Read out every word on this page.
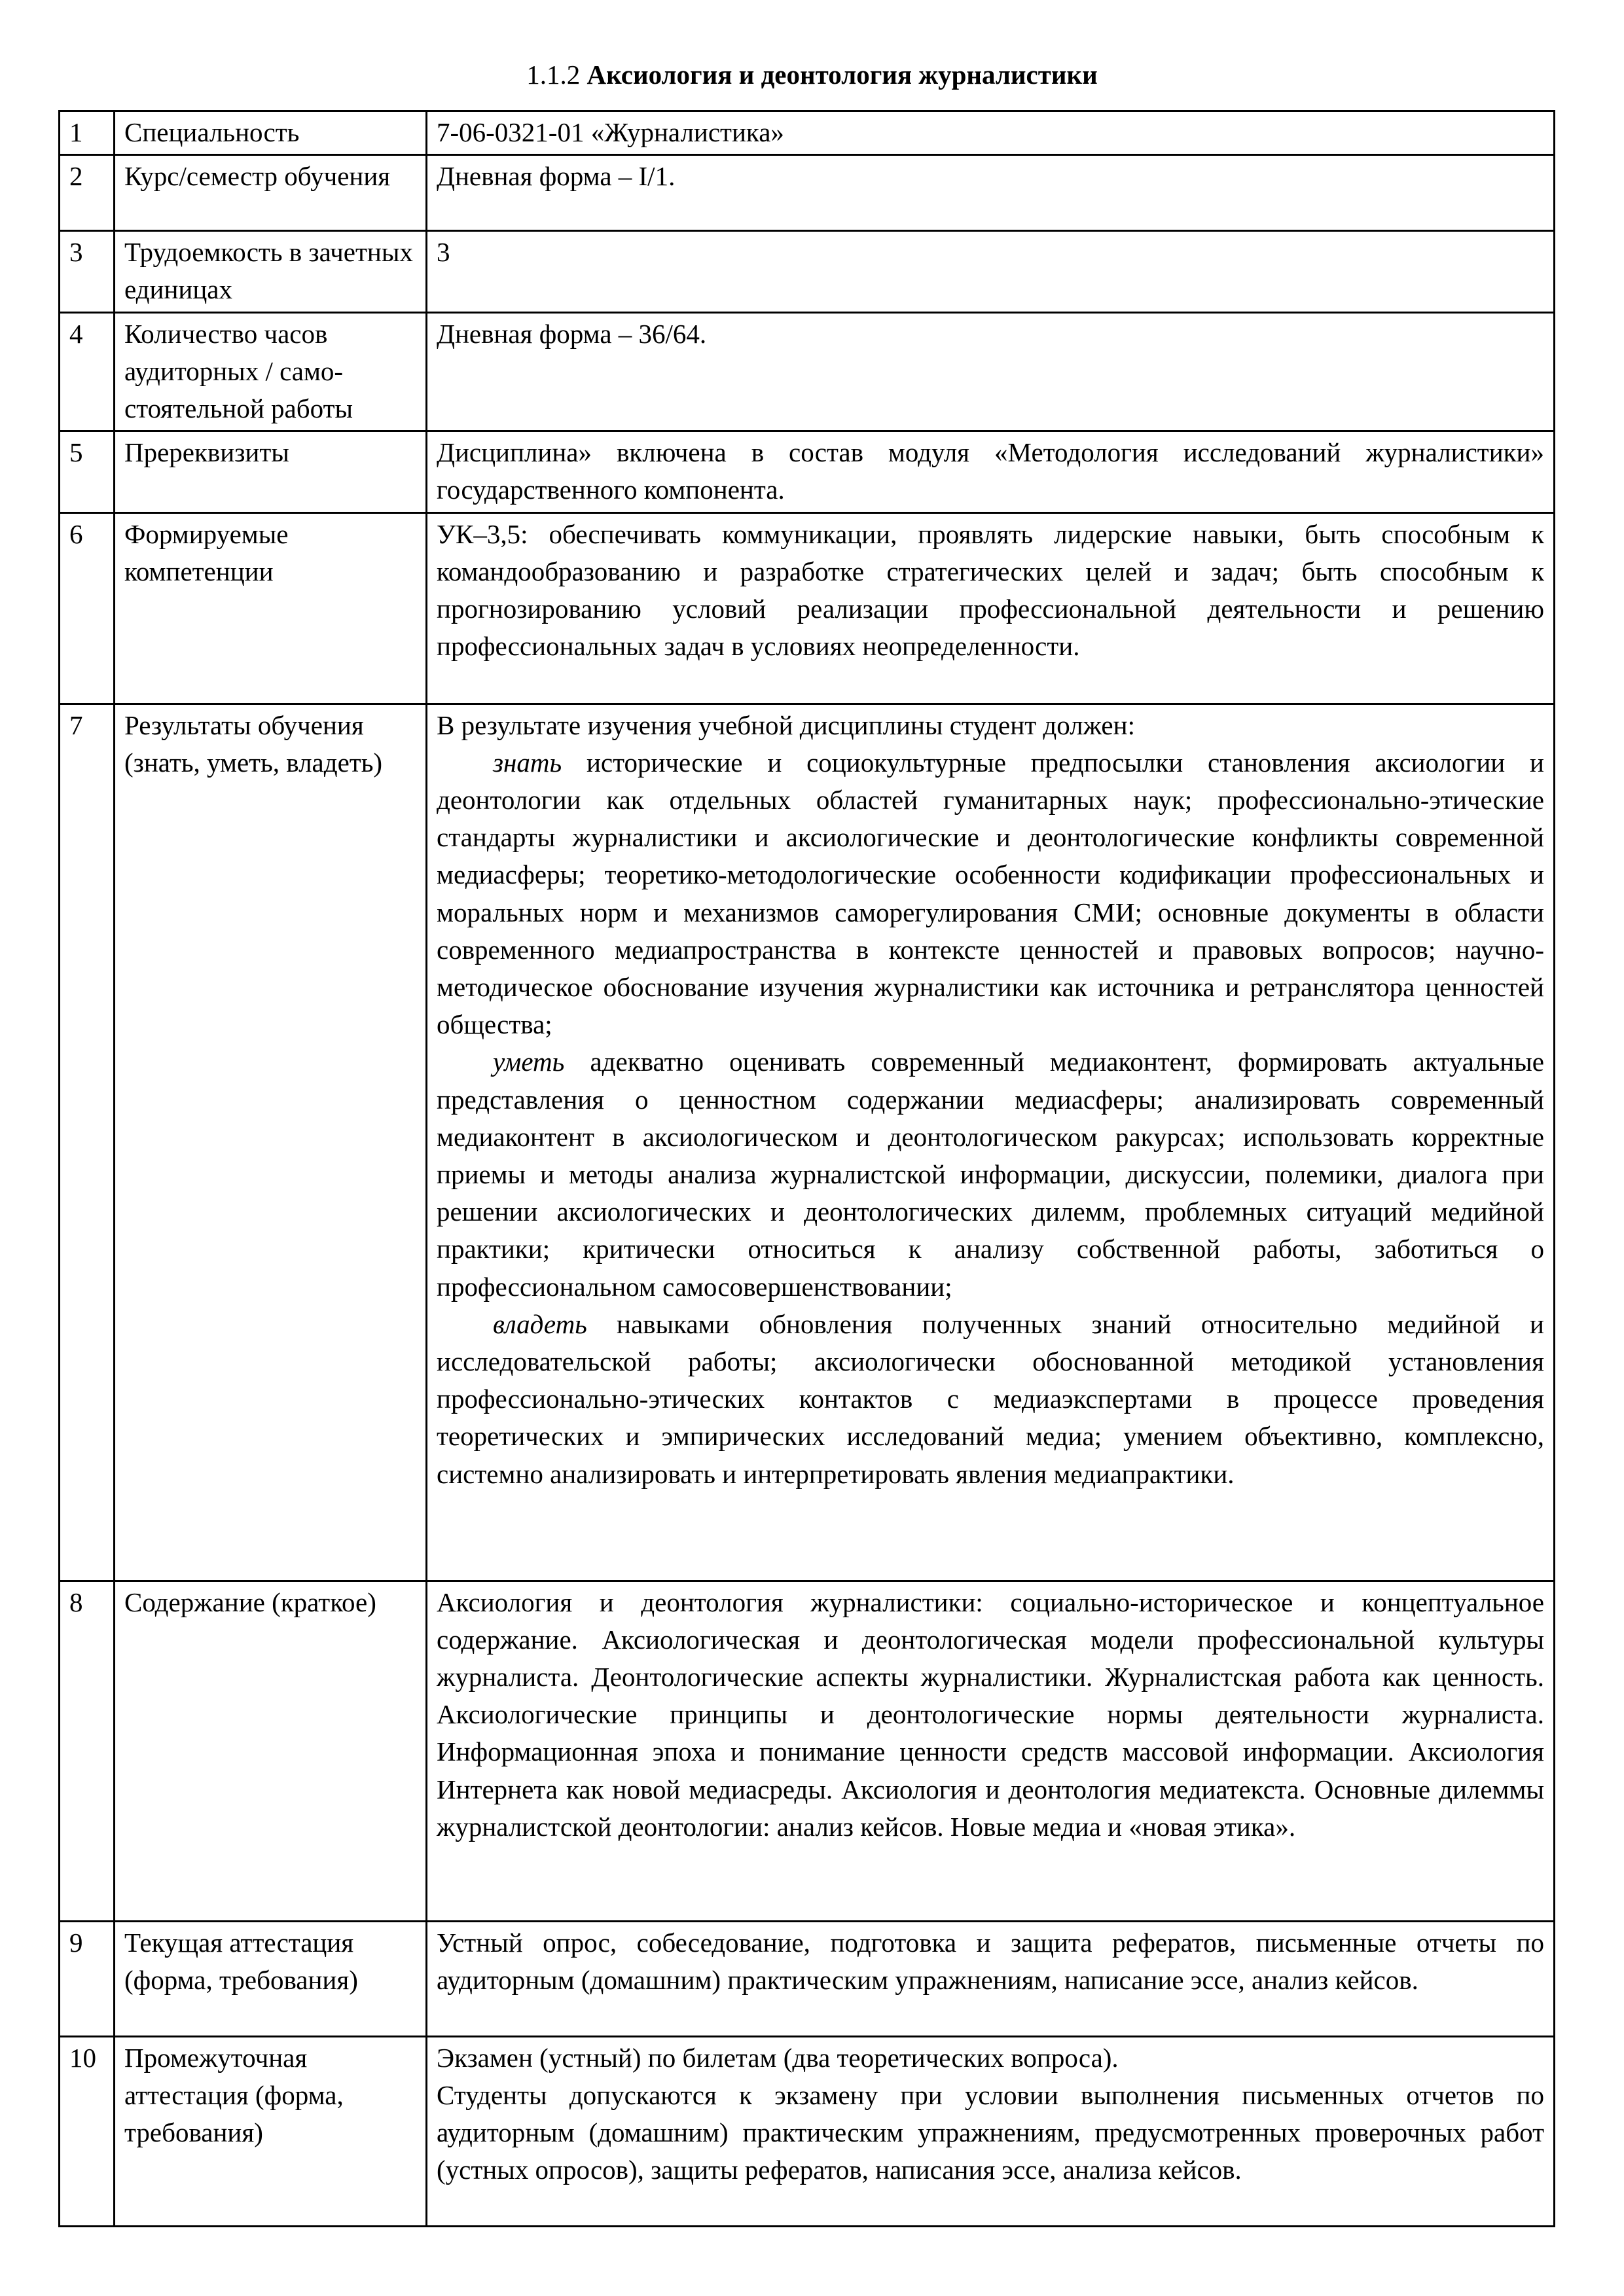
1.1.2 Аксиология и деонтология журналистики
1	Специальность	7-06-0321-01 «Журналистика»
2	Курс/семестр обучения	Дневная форма – I/1.
3	Трудоемкость в зачетных единицах	3
4	Количество часов аудиторных / само-стоятельной работы	Дневная форма – 36/64.
5	Пререквизиты	Дисциплина» включена в состав модуля «Методология исследований журналистики» государственного компонента.
6	Формируемые компетенции	УК–3,5: обеспечивать коммуникации, проявлять лидерские навыки, быть способным к командообразованию и разработке стратегических целей и задач; быть способным к прогнозированию условий реализации профессиональной деятельности и решению профессиональных задач в условиях неопределенности.
7	Результаты обучения (знать, уметь, владеть)	В результате изучения учебной дисциплины студент должен:

знать исторические и социокультурные предпосылки становления аксиологии и деонтологии как отдельных областей гуманитарных наук; профессионально-этические стандарты журналистики и аксиологические и деонтологические конфликты современной медиасферы; теоретико-методологические особенности кодификации профессиональных и моральных норм и механизмов саморегулирования СМИ; основные документы в области современного медиапространства в контексте ценностей и правовых вопросов; научно-методическое обоснование изучения журналистики как источника и ретранслятора ценностей общества;

уметь адекватно оценивать современный медиаконтент, формировать актуальные представления о ценностном содержании медиасферы; анализировать современный медиаконтент в аксиологическом и деонтологическом ракурсах; использовать корректные приемы и методы анализа журналистской информации, дискуссии, полемики, диалога при решении аксиологических и деонтологических дилемм, проблемных ситуаций медийной практики; критически относиться к анализу собственной работы, заботиться о профессиональном самосовершенствовании;

владеть навыками обновления полученных знаний относительно медийной и исследовательской работы; аксиологически обоснованной методикой установления профессионально-этических контактов с медиаэкспертами в процессе проведения теоретических и эмпирических исследований медиа; умением объективно, комплексно, системно анализировать и интерпретировать явления медиапрактики.

8	Содержание (краткое)	Аксиология и деонтология журналистики: социально-историческое и концептуальное содержание. Аксиологическая и деонтологическая модели профессиональной культуры журналиста. Деонтологические аспекты журналистики. Журналистская работа как ценность. Аксиологические принципы и деонтологические нормы деятельности журналиста. Информационная эпоха и понимание ценности средств массовой информации. Аксиология Интернета как новой медиасреды. Аксиология и деонтология медиатекста. Основные дилеммы журналистской деонтологии: анализ кейсов. Новые медиа и «новая этика».
9	Текущая аттестация (форма, требования)	Устный опрос, собеседование, подготовка и защита рефератов, письменные отчеты по аудиторным (домашним) практическим упражнениям, написание эссе, анализ кейсов.
10	Промежуточная аттестация (форма, требования)	Экзамен (устный) по билетам (два теоретических вопроса).

Студенты допускаются к экзамену при условии выполнения письменных отчетов по аудиторным (домашним) практическим упражнениям, предусмотренных проверочных работ (устных опросов), защиты рефератов, написания эссе, анализа кейсов.
